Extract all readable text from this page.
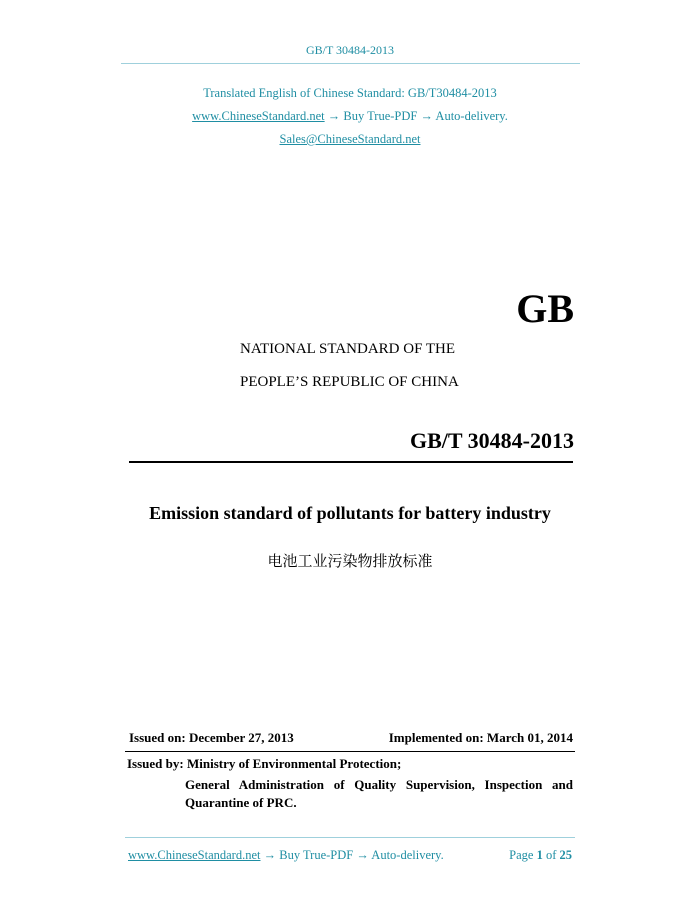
GB/T 30484-2013
Translated English of Chinese Standard: GB/T30484-2013
www.ChineseStandard.net → Buy True-PDF → Auto-delivery.
Sales@ChineseStandard.net
GB
NATIONAL STANDARD OF THE
PEOPLE’S REPUBLIC OF CHINA
GB/T 30484-2013
Emission standard of pollutants for battery industry
电池工业污染物排放标准
Issued on: December 27, 2013	Implemented on: March 01, 2014
Issued by: Ministry of Environmental Protection;
General Administration of Quality Supervision, Inspection and
Quarantine of PRC.
www.ChineseStandard.net → Buy True-PDF → Auto-delivery.	Page 1 of 25
